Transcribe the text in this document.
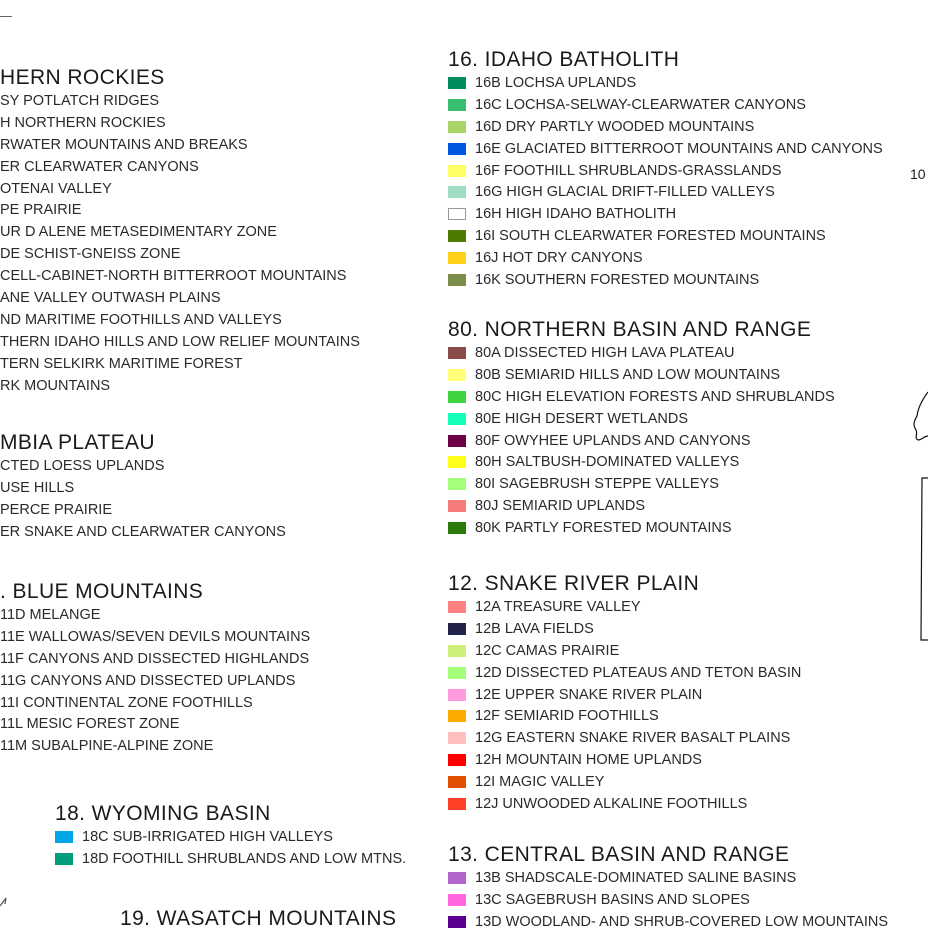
HERN ROCKIES
SY POTLATCH RIDGES
H NORTHERN ROCKIES
RWATER MOUNTAINS AND BREAKS
ER CLEARWATER CANYONS
OTENAI VALLEY
PE PRAIRIE
UR D ALENE METASEDIMENTARY ZONE
DE SCHIST-GNEISS ZONE
CELL-CABINET-NORTH BITTERROOT MOUNTAINS
ANE VALLEY OUTWASH PLAINS
ND MARITIME FOOTHILLS AND VALLEYS
THERN IDAHO HILLS AND LOW RELIEF MOUNTAINS
TERN SELKIRK MARITIME FOREST
RK MOUNTAINS
MBIA PLATEAU
CTED LOESS UPLANDS
USE HILLS
PERCE PRAIRIE
ER SNAKE AND CLEARWATER CANYONS
. BLUE MOUNTAINS
11D MELANGE
11E WALLOWAS/SEVEN DEVILS MOUNTAINS
11F CANYONS AND DISSECTED HIGHLANDS
11G CANYONS AND DISSECTED UPLANDS
11I CONTINENTAL ZONE FOOTHILLS
11L MESIC FOREST ZONE
11M SUBALPINE-ALPINE ZONE
18. WYOMING BASIN
18C SUB-IRRIGATED HIGH VALLEYS
18D FOOTHILL SHRUBLANDS AND LOW MTNS.
19. WASATCH MOUNTAINS
16. IDAHO BATHOLITH
16B LOCHSA UPLANDS
16C LOCHSA-SELWAY-CLEARWATER CANYONS
16D DRY PARTLY WOODED MOUNTAINS
16E GLACIATED BITTERROOT MOUNTAINS AND CANYONS
16F FOOTHILL SHRUBLANDS-GRASSLANDS
16G HIGH GLACIAL DRIFT-FILLED VALLEYS
16H HIGH IDAHO BATHOLITH
16I SOUTH CLEARWATER FORESTED MOUNTAINS
16J HOT DRY CANYONS
16K SOUTHERN FORESTED MOUNTAINS
80. NORTHERN BASIN AND RANGE
80A DISSECTED HIGH LAVA PLATEAU
80B SEMIARID HILLS AND LOW MOUNTAINS
80C HIGH ELEVATION FORESTS AND SHRUBLANDS
80E HIGH DESERT WETLANDS
80F OWYHEE UPLANDS AND CANYONS
80H SALTBUSH-DOMINATED VALLEYS
80I SAGEBRUSH STEPPE VALLEYS
80J SEMIARID UPLANDS
80K PARTLY FORESTED MOUNTAINS
12. SNAKE RIVER PLAIN
12A TREASURE VALLEY
12B LAVA FIELDS
12C CAMAS PRAIRIE
12D DISSECTED PLATEAUS AND TETON BASIN
12E UPPER SNAKE RIVER PLAIN
12F SEMIARID FOOTHILLS
12G EASTERN SNAKE RIVER BASALT PLAINS
12H MOUNTAIN HOME UPLANDS
12I MAGIC VALLEY
12J UNWOODED ALKALINE FOOTHILLS
13. CENTRAL BASIN AND RANGE
13B SHADSCALE-DOMINATED SALINE BASINS
13C SAGEBRUSH BASINS AND SLOPES
13D WOODLAND- AND SHRUB-COVERED LOW MOUNTAINS
10
